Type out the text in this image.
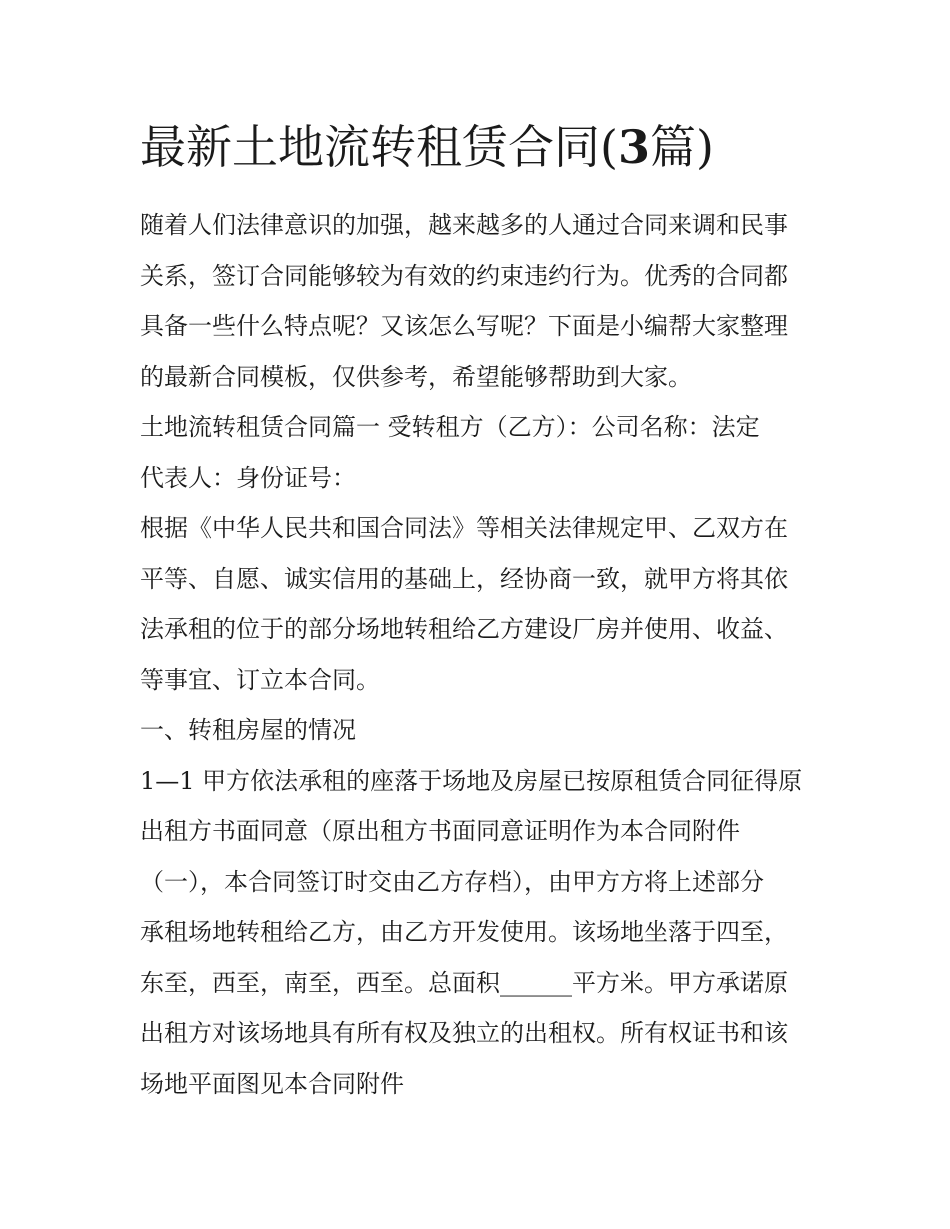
最新土地流转租赁合同(3篇)

随着人们法律意识的加强，越来越多的人通过合同来调和民事
关系，签订合同能够较为有效的约束违约行为。优秀的合同都
具备一些什么特点呢？又该怎么写呢？下面是小编帮大家整理
的最新合同模板，仅供参考，希望能够帮助到大家。

土地流转租赁合同篇一 受转租方（乙方）：公司名称：法定
代表人：身份证号：

根据《中华人民共和国合同法》等相关法律规定甲、乙双方在
平等、自愿、诚实信用的基础上，经协商一致，就甲方将其依
法承租的位于的部分场地转租给乙方建设厂房并使用、收益、
等事宜、订立本合同。

一、转租房屋的情况

1—1 甲方依法承租的座落于场地及房屋已按原租赁合同征得原
出租方书面同意（原出租方书面同意证明作为本合同附件
（一），本合同签订时交由乙方存档），由甲方方将上述部分
承租场地转租给乙方，由乙方开发使用。该场地坐落于四至，
东至，西至，南至，西至。总面积______平方米。甲方承诺原
出租方对该场地具有所有权及独立的出租权。所有权证书和该
场地平面图见本合同附件
